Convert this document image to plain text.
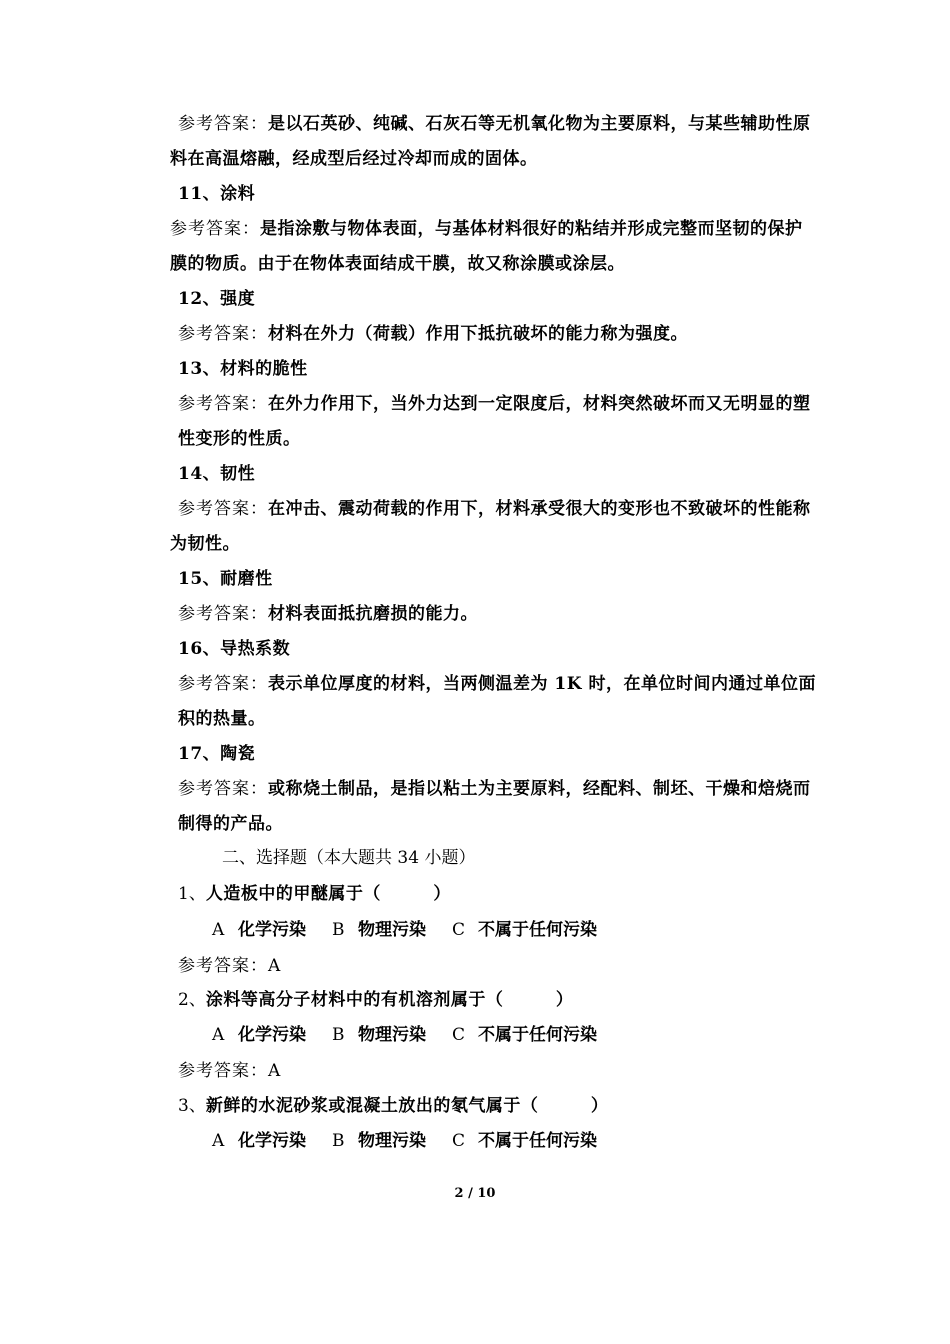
参考答案：是以石英砂、纯碱、石灰石等无机氧化物为主要原料，与某些辅助性原
料在高温熔融，经成型后经过冷却而成的固体。
11、涂料
参考答案：是指涂敷与物体表面，与基体材料很好的粘结并形成完整而坚韧的保护
膜的物质。由于在物体表面结成干膜，故又称涂膜或涂层。
12、强度
参考答案：材料在外力（荷载）作用下抵抗破坏的能力称为强度。
13、材料的脆性
参考答案：在外力作用下，当外力达到一定限度后，材料突然破坏而又无明显的塑
性变形的性质。
14、韧性
参考答案：在冲击、震动荷载的作用下，材料承受很大的变形也不致破坏的性能称
为韧性。
15、耐磨性
参考答案：材料表面抵抗磨损的能力。
16、导热系数
参考答案：表示单位厚度的材料，当两侧温差为 1K 时，在单位时间内通过单位面
积的热量。
17、陶瓷
参考答案：或称烧土制品，是指以粘土为主要原料，经配料、制坯、干燥和焙烧而
制得的产品。
二、选择题（本大题共 34 小题）
1、人造板中的甲醚属于（　　　）
A 化学污染 B 物理污染 C 不属于任何污染
参考答案：A
2、涂料等高分子材料中的有机溶剂属于（　　　）
A 化学污染 B 物理污染 C 不属于任何污染
参考答案：A
3、新鲜的水泥砂浆或混凝土放出的氡气属于（　　　）
A 化学污染 B 物理污染 C 不属于任何污染
2 / 10
